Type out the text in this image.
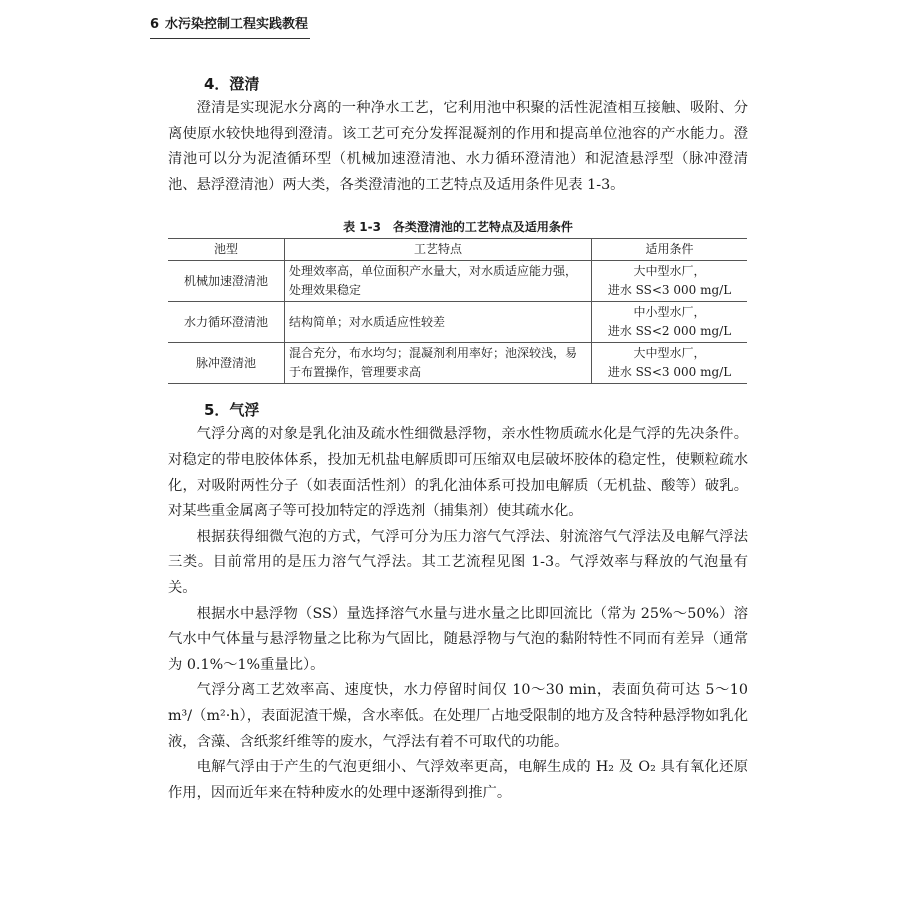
6 水污染控制工程实践教程
4．澄清

澄清是实现泥水分离的一种净水工艺，它利用池中积聚的活性泥渣相互接触、吸附、分离使原水较快地得到澄清。该工艺可充分发挥混凝剂的作用和提高单位池容的产水能力。澄清池可以分为泥渣循环型（机械加速澄清池、水力循环澄清池）和泥渣悬浮型（脉冲澄清池、悬浮澄清池）两大类，各类澄清池的工艺特点及适用条件见表 1-3。

表 1-3　各类澄清池的工艺特点及适用条件
池型	工艺特点	适用条件
机械加速澄清池	处理效率高，单位面积产水量大，对水质适应能力强，处理效果稳定	大中型水厂，
进水 SS<3 000 mg/L

水力循环澄清池	结构简单；对水质适应性较差	中小型水厂，
进水 SS<2 000 mg/L

脉冲澄清池	混合充分，布水均匀；混凝剂利用率好；池深较浅，易于布置操作，管理要求高	大中型水厂，
进水 SS<3 000 mg/L
5．气浮

气浮分离的对象是乳化油及疏水性细微悬浮物，亲水性物质疏水化是气浮的先决条件。对稳定的带电胶体体系，投加无机盐电解质即可压缩双电层破坏胶体的稳定性，使颗粒疏水化，对吸附两性分子（如表面活性剂）的乳化油体系可投加电解质（无机盐、酸等）破乳。对某些重金属离子等可投加特定的浮选剂（捕集剂）使其疏水化。

根据获得细微气泡的方式，气浮可分为压力溶气气浮法、射流溶气气浮法及电解气浮法三类。目前常用的是压力溶气气浮法。其工艺流程见图 1-3。气浮效率与释放的气泡量有关。

根据水中悬浮物（SS）量选择溶气水量与进水量之比即回流比（常为 25%～50%）溶气水中气体量与悬浮物量之比称为气固比，随悬浮物与气泡的黏附特性不同而有差异（通常为 0.1%～1%重量比）。

气浮分离工艺效率高、速度快，水力停留时间仅 10～30 min，表面负荷可达 5～10 m³/（m²·h），表面泥渣干燥，含水率低。在处理厂占地受限制的地方及含特种悬浮物如乳化液，含藻、含纸浆纤维等的废水，气浮法有着不可取代的功能。

电解气浮由于产生的气泡更细小、气浮效率更高，电解生成的 H₂ 及 O₂ 具有氧化还原作用，因而近年来在特种废水的处理中逐渐得到推广。
